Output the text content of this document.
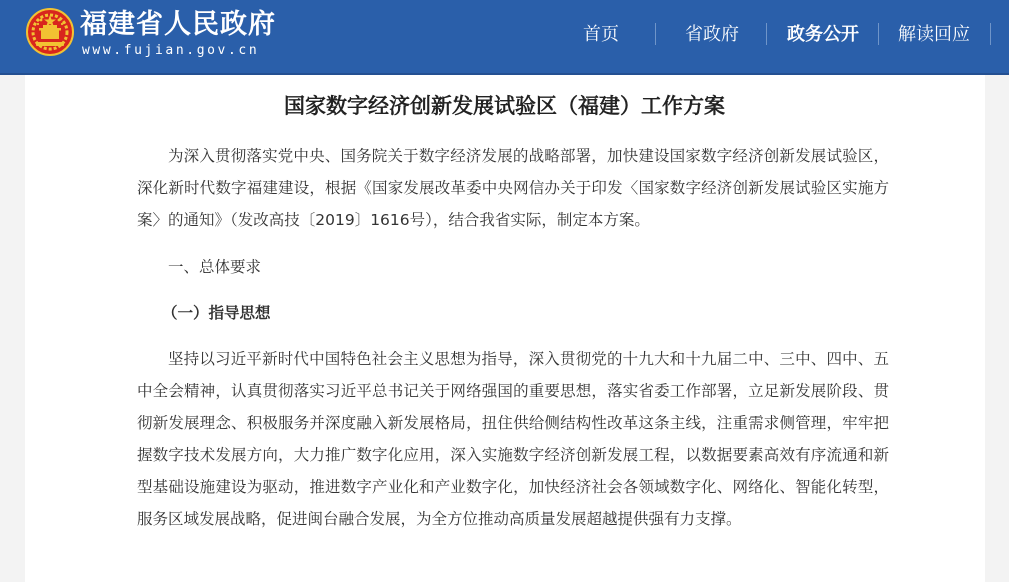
福建省人民政府
www.fujian.gov.cn
首页	省政府	政务公开 解读回应
国家数字经济创新发展试验区（福建）工作方案

为深入贯彻落实党中央、国务院关于数字经济发展的战略部署，加快建设国家数字经济创新发展试验区，深化新时代数字福建建设，根据《国家发展改革委中央网信办关于印发〈国家数字经济创新发展试验区实施方案〉的通知》（发改高技〔2019〕1616号），结合我省实际，制定本方案。

一、总体要求

（一）指导思想

坚持以习近平新时代中国特色社会主义思想为指导，深入贯彻党的十九大和十九届二中、三中、四中、五中全会精神，认真贯彻落实习近平总书记关于网络强国的重要思想，落实省委工作部署，立足新发展阶段、贯彻新发展理念、积极服务并深度融入新发展格局，扭住供给侧结构性改革这条主线，注重需求侧管理，牢牢把握数字技术发展方向，大力推广数字化应用，深入实施数字经济创新发展工程，以数据要素高效有序流通和新型基础设施建设为驱动，推进数字产业化和产业数字化，加快经济社会各领域数字化、网络化、智能化转型，服务区域发展战略，促进闽台融合发展，为全方位推动高质量发展超越提供强有力支撑。
